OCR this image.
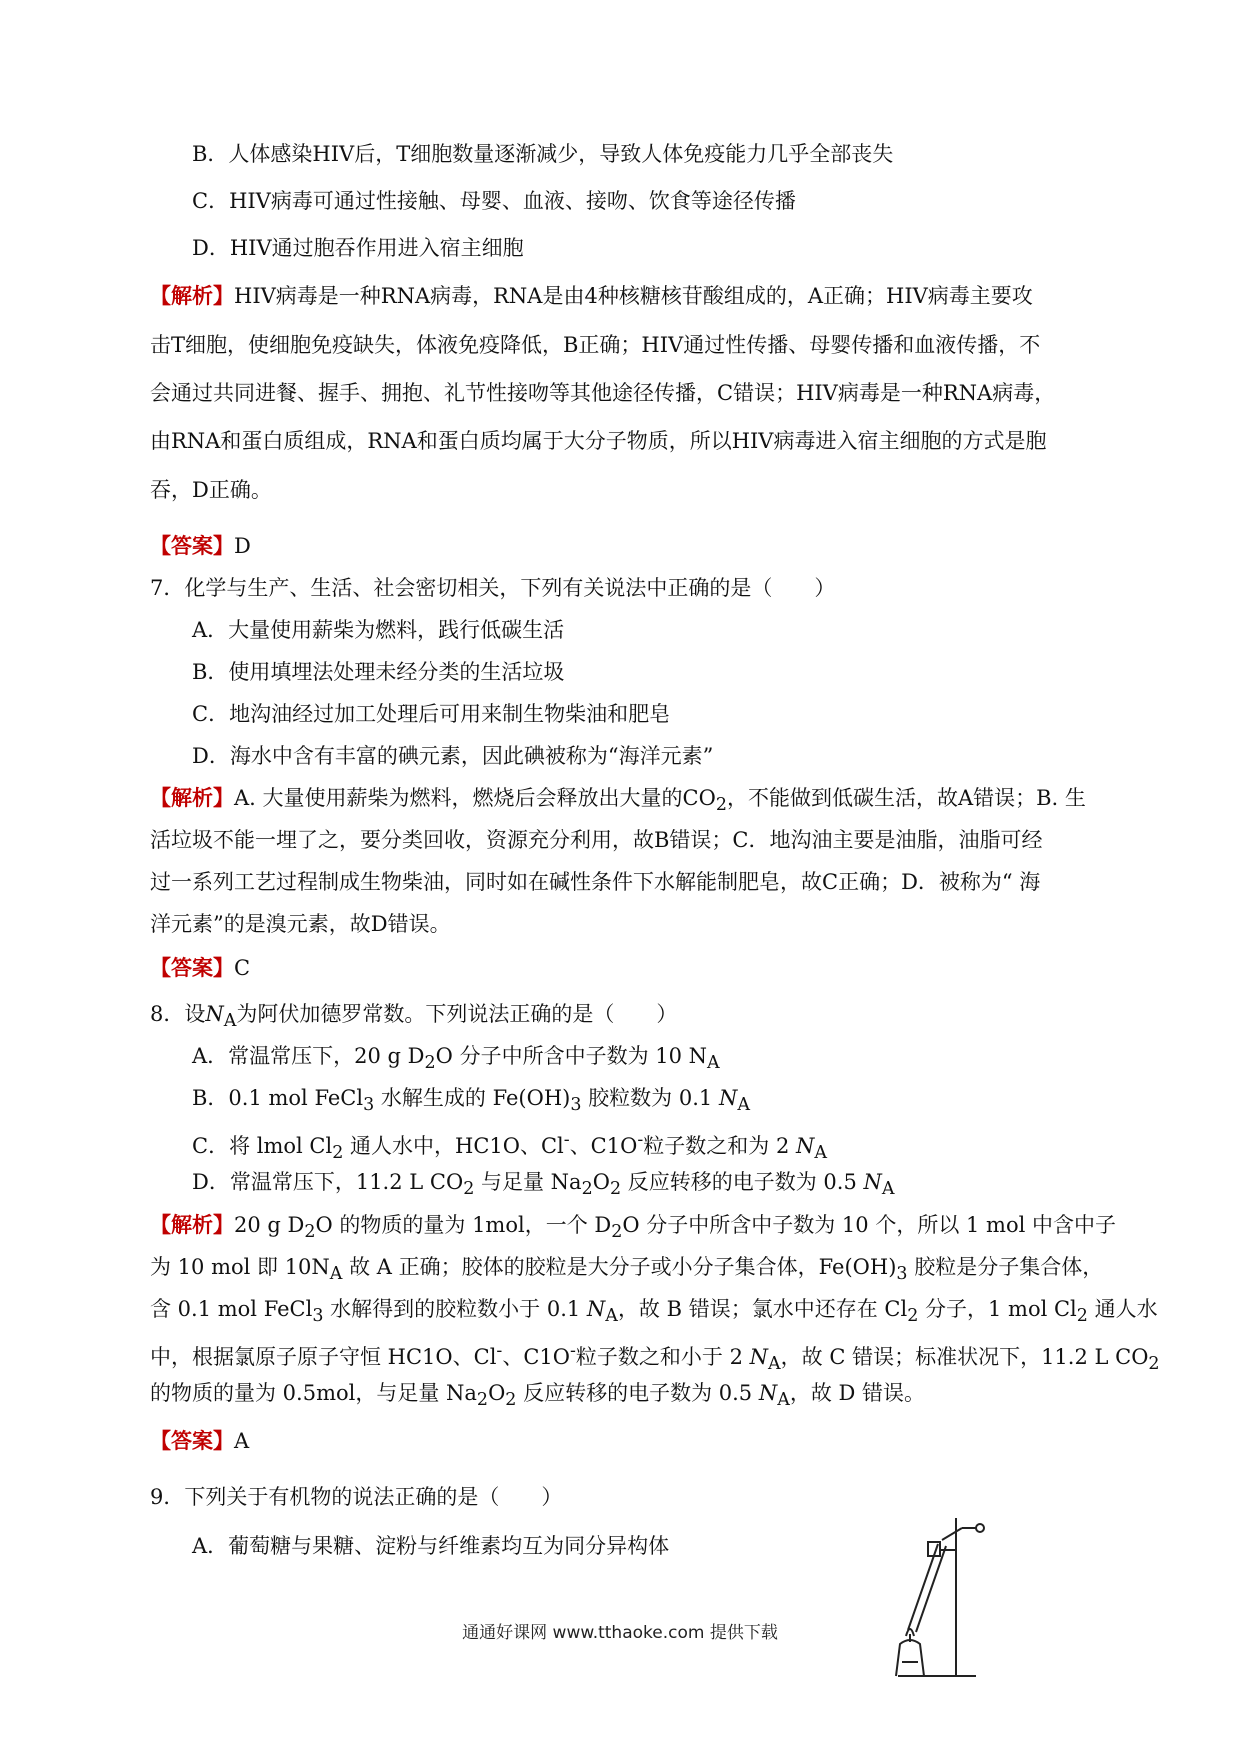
B．人体感染HIV后，T细胞数量逐渐减少，导致人体免疫能力几乎全部丧失
C．HIV病毒可通过性接触、母婴、血液、接吻、饮食等途径传播
D．HIV通过胞吞作用进入宿主细胞
【解析】HIV病毒是一种RNA病毒，RNA是由4种核糖核苷酸组成的，A正确；HIV病毒主要攻
击T细胞，使细胞免疫缺失，体液免疫降低，B正确；HIV通过性传播、母婴传播和血液传播，不
会通过共同进餐、握手、拥抱、礼节性接吻等其他途径传播，C错误；HIV病毒是一种RNA病毒，
由RNA和蛋白质组成，RNA和蛋白质均属于大分子物质，所以HIV病毒进入宿主细胞的方式是胞
吞，D正确。
【答案】D
7．化学与生产、生活、社会密切相关，下列有关说法中正确的是（　　）
A．大量使用薪柴为燃料，践行低碳生活
B．使用填埋法处理未经分类的生活垃圾
C．地沟油经过加工处理后可用来制生物柴油和肥皂
D．海水中含有丰富的碘元素，因此碘被称为“海洋元素”
【解析】A. 大量使用薪柴为燃料，燃烧后会释放出大量的$CO_2$，不能做到低碳生活，故A错误；B. 生
活垃圾不能一埋了之，要分类回收，资源充分利用，故B错误；C．地沟油主要是油脂，油脂可经
过一系列工艺过程制成生物柴油，同时如在碱性条件下水解能制肥皂，故C正确；D．被称为“ 海
洋元素”的是溴元素，故D错误。
【答案】C
8．设$N_A$为阿伏加德罗常数。下列说法正确的是（　　）
A．常温常压下，20 g $D_2O$ 分子中所含中子数为 10 $N_A$
B．0.1 mol FeCl$_3$ 水解生成的 $Fe(OH)_3$ 胶粒数为 0.1 $N_A$
C．将 lmol $Cl_2$ 通人水中，HC1O、Cl-、C1O-粒子数之和为 2 $N_A$
D．常温常压下，11.2 L $CO_2$ 与足量 $Na_2O_2$ 反应转移的电子数为 0.5 $N_A$
【解析】20 g $D_2O$ 的物质的量为 1mol，一个 $D_2O$ 分子中所含中子数为 10 个，所以 1 mol 中含中子
为 10 mol 即 $10N_A$ 故 A 正确；胶体的胶粒是大分子或小分子集合体，$Fe(OH)_3$ 胶粒是分子集合体，
含 0.1 mol FeCl$_3$ 水解得到的胶粒数小于 0.1 $N_A$，故 B 错误；氯水中还存在 $Cl_2$ 分子，1 mol $Cl_2$ 通人水
中，根据氯原子原子守恒 HC1O、Cl-、C1O-粒子数之和小于 2 $N_A$，故 C 错误；标准状况下，11.2 L $CO_2$
的物质的量为 0.5mol，与足量 $Na_2O_2$ 反应转移的电子数为 0.5 $N_A$，故 D 错误。
【答案】A
9．下列关于有机物的说法正确的是（　　）
A．葡萄糖与果糖、淀粉与纤维素均互为同分异构体
通通好课网 www.tthaoke.com 提供下载
